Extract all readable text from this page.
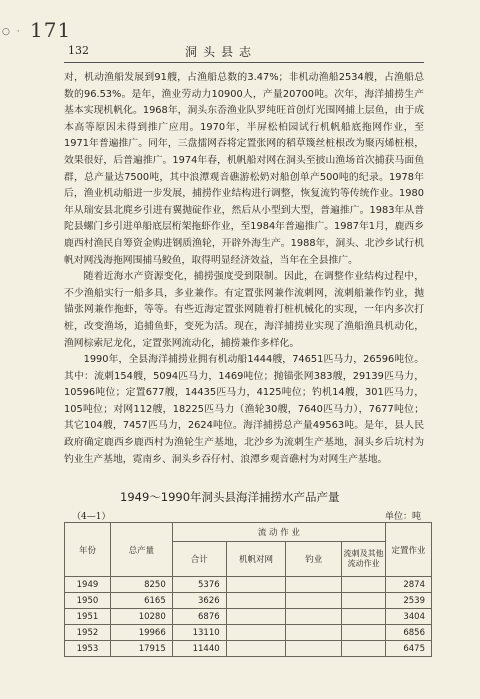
○ · 171
132	洞头县志

对，机动渔船发展到91艘，占渔船总数的3.47%；非机动渔船2534艘，占渔船总数的96.53%。是年，渔业劳动力10900人，产量20700吨。次年，海洋捕捞生产基本实现机帆化。1968年，洞头东岙渔业队罗纯旺首创灯光围网捕上层鱼，由于成本高等原因未得到推广应用。1970年，半屏松柏园试行机帆船底拖网作业，至1971年普遍推广。同年，三盘擂网吞将定置张网的稻草篾丝桩根改为聚丙烯桩根，效果很好，后普遍推广。1974年春，机帆船对网在洞头至披山渔场首次捕获马面鱼群，总产量达7500吨，其中浪潭观音礁游松奶对船创单产500吨的纪录。1978年后，渔业机动船进一步发展，捕捞作业结构进行调整，恢复流钓等传统作业。1980年从瑞安县北麂乡引进有翼抛碇作业，然后从小型到大型，普遍推广。1983年从普陀县螺门乡引进单船底层桁架拖虾作业，至1984年普遍推广。1987年1月，鹿西乡鹿西村渔民自筹资金购进钢质渔轮，开辟外海生产。1988年，洞头、北沙乡试行机帆对网浅海拖网围捕马鲛鱼，取得明显经济效益，当年在全县推广。

随着近海水产资源变化，捕捞强度受到限制。因此，在调整作业结构过程中，不少渔船实行一船多具，多业兼作。有定置张网兼作流刺网，流刺船兼作钓业，抛锚张网兼作拖虾，等等。有些近海定置张网随着打桩机械化的实现，一年内多次打桩，改变渔场，追捕鱼虾，变死为活。现在，海洋捕捞业实现了渔船渔具机动化，渔网棕索尼龙化，定置张网流动化，捕捞兼作多样化。

1990年，全县海洋捕捞业拥有机动船1444艘，74651匹马力，26596吨位。其中：流刺154艘，5094匹马力，1469吨位；抛锚张网383艘，29139匹马力，10596吨位；定置677艘，14435匹马力，4125吨位；钓机14艘，301匹马力，105吨位；对网112艘，18225匹马力（渔轮30艘，7640匹马力），7677吨位；其它104艘，7457匹马力，2624吨位。海洋捕捞总产量49563吨。是年，县人民政府确定鹿西乡鹿西村为渔轮生产基地，北沙乡为流刺生产基地，洞头乡后坑村为钓业生产基地，霓南乡、洞头乡吞仔村、浪潭乡观音礁村为对网生产基地。

1949～1990年洞头县海洋捕捞水产品产量
（4—1）	单位：吨
年份	总产量	流 动 作 业				定置作业
		合计	机帆对网	钓业	流刺及其他流动作业	
1949	8250	5376				2874
1950	6165	3626				2539
1951	10280	6876				3404
1952	19966	13110				6856
1953	17915	11440				6475
